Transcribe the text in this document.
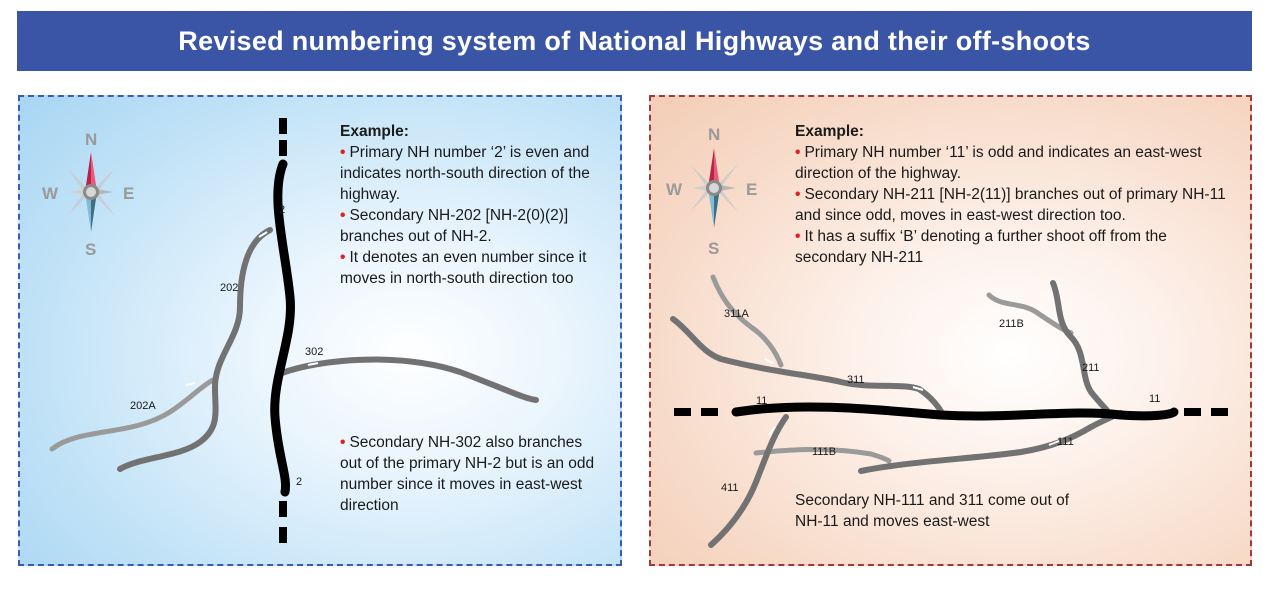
Revised numbering system of National Highways and their off-shoots
2
2
202
202A
302
N
W	E
S
Example:
• Primary NH number ‘2’ is even and indicates north-south direction of the highway.
• Secondary NH-202 [NH-2(0)(2)] branches out of NH-2.
• It denotes an even number since it moves in north-south direction too
• Secondary NH-302 also branches out of the primary NH-2 but is an odd number since it moves in east-west direction
11	11
311
311A
211
211B
111
111B
411
N
W	E
S
Example:
• Primary NH number ‘11’ is odd and indicates an east-west direction of the highway.
• Secondary NH-211 [NH-2(11)] branches out of primary NH-11 and since odd, moves in east-west direction too.
• It has a suffix ‘B’ denoting a further shoot off from the secondary NH-211
Secondary NH-111 and 311 come out of NH-11 and moves east-west
